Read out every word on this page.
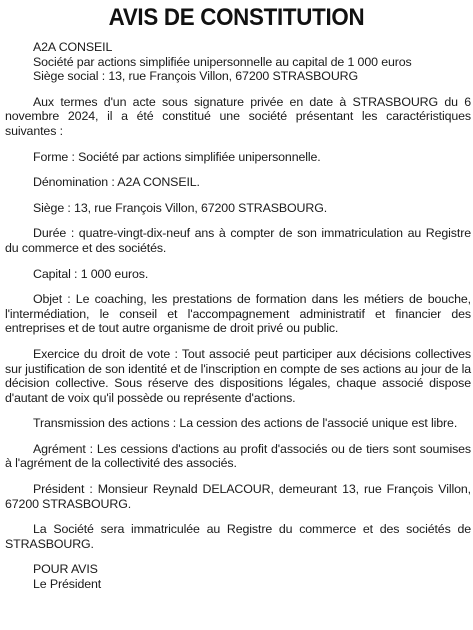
AVIS DE CONSTITUTION
A2A CONSEIL
Société par actions simplifiée unipersonnelle au capital de 1 000 euros
Siège social : 13, rue François Villon, 67200 STRASBOURG

Aux termes d'un acte sous signature privée en date à STRASBOURG du 6 novembre 2024, il a été constitué une société présentant les caractéristiques suivantes :

Forme : Société par actions simplifiée unipersonnelle.

Dénomination : A2A CONSEIL.

Siège : 13, rue François Villon, 67200 STRASBOURG.

Durée : quatre-vingt-dix-neuf ans à compter de son immatriculation au Registre du commerce et des sociétés.

Capital : 1 000 euros.

Objet : Le coaching, les prestations de formation dans les métiers de bouche, l'intermédiation, le conseil et l'accompagnement administratif et financier des entreprises et de tout autre organisme de droit privé ou public.

Exercice du droit de vote : Tout associé peut participer aux décisions collectives sur justification de son identité et de l'inscription en compte de ses actions au jour de la décision collective. Sous réserve des dispositions légales, chaque associé dispose d'autant de voix qu'il possède ou représente d'actions.

Transmission des actions : La cession des actions de l'associé unique est libre.

Agrément : Les cessions d'actions au profit d'associés ou de tiers sont soumises à l'agrément de la collectivité des associés.

Président : Monsieur Reynald DELACOUR, demeurant 13, rue François Villon, 67200 STRASBOURG.

La Société sera immatriculée au Registre du commerce et des sociétés de STRASBOURG.

POUR AVIS
Le Président
